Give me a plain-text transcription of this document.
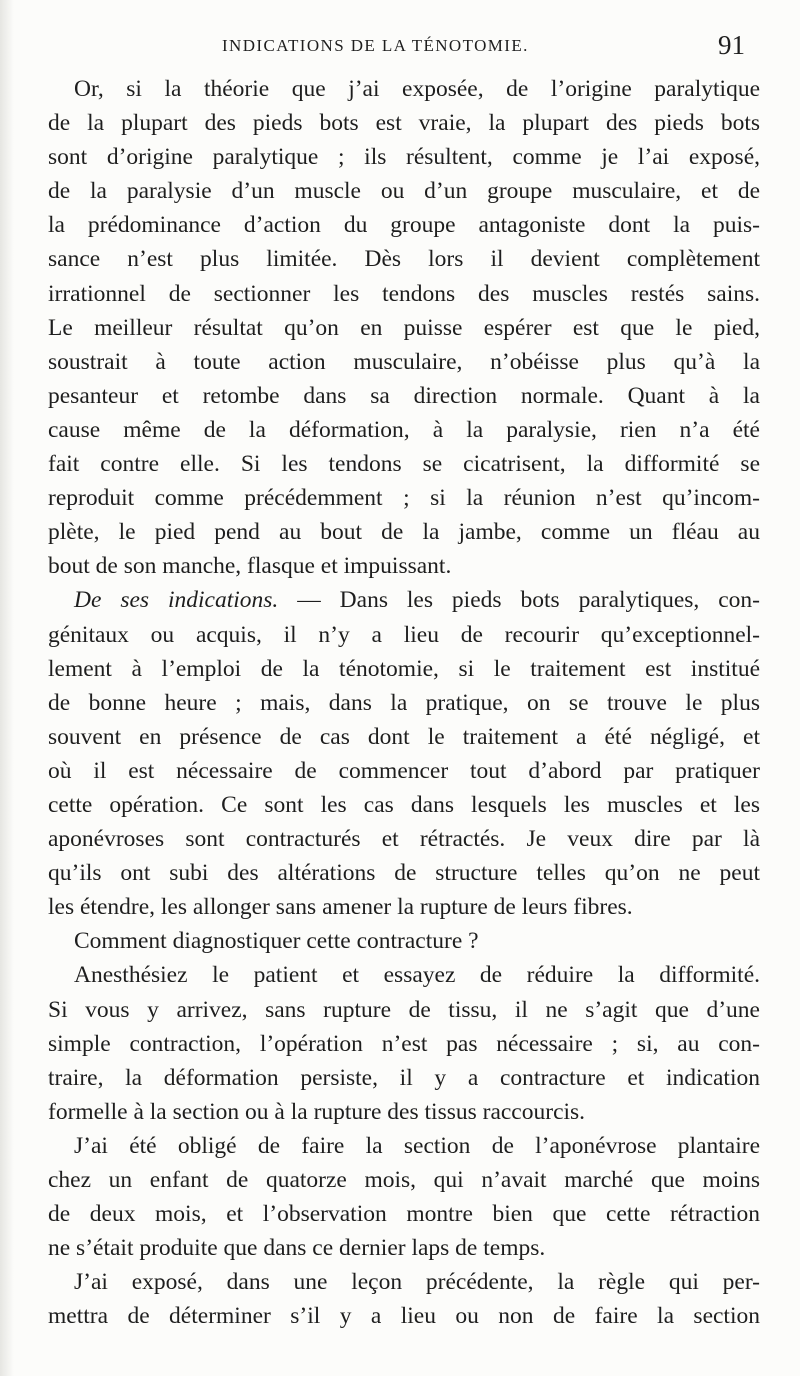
INDICATIONS DE LA TÉNOTOMIE.	91
Or, si la théorie que j’ai exposée, de l’origine paralytique
de la plupart des pieds bots est vraie, la plupart des pieds bots
sont d’origine paralytique ; ils résultent, comme je l’ai exposé,
de la paralysie d’un muscle ou d’un groupe musculaire, et de
la prédominance d’action du groupe antagoniste dont la puis-
sance n’est plus limitée. Dès lors il devient complètement
irrationnel de sectionner les tendons des muscles restés sains.
Le meilleur résultat qu’on en puisse espérer est que le pied,
soustrait à toute action musculaire, n’obéisse plus qu’à la
pesanteur et retombe dans sa direction normale. Quant à la
cause même de la déformation, à la paralysie, rien n’a été
fait contre elle. Si les tendons se cicatrisent, la difformité se
reproduit comme précédemment ; si la réunion n’est qu’incom-
plète, le pied pend au bout de la jambe, comme un fléau au
bout de son manche, flasque et impuissant.
De ses indications. — Dans les pieds bots paralytiques, con-
génitaux ou acquis, il n’y a lieu de recourir qu’exceptionnel-
lement à l’emploi de la ténotomie, si le traitement est institué
de bonne heure ; mais, dans la pratique, on se trouve le plus
souvent en présence de cas dont le traitement a été négligé, et
où il est nécessaire de commencer tout d’abord par pratiquer
cette opération. Ce sont les cas dans lesquels les muscles et les
aponévroses sont contracturés et rétractés. Je veux dire par là
qu’ils ont subi des altérations de structure telles qu’on ne peut
les étendre, les allonger sans amener la rupture de leurs fibres.
Comment diagnostiquer cette contracture ?
Anesthésiez le patient et essayez de réduire la difformité.
Si vous y arrivez, sans rupture de tissu, il ne s’agit que d’une
simple contraction, l’opération n’est pas nécessaire ; si, au con-
traire, la déformation persiste, il y a contracture et indication
formelle à la section ou à la rupture des tissus raccourcis.
J’ai été obligé de faire la section de l’aponévrose plantaire
chez un enfant de quatorze mois, qui n’avait marché que moins
de deux mois, et l’observation montre bien que cette rétraction
ne s’était produite que dans ce dernier laps de temps.
J’ai exposé, dans une leçon précédente, la règle qui per-
mettra de déterminer s’il y a lieu ou non de faire la section
